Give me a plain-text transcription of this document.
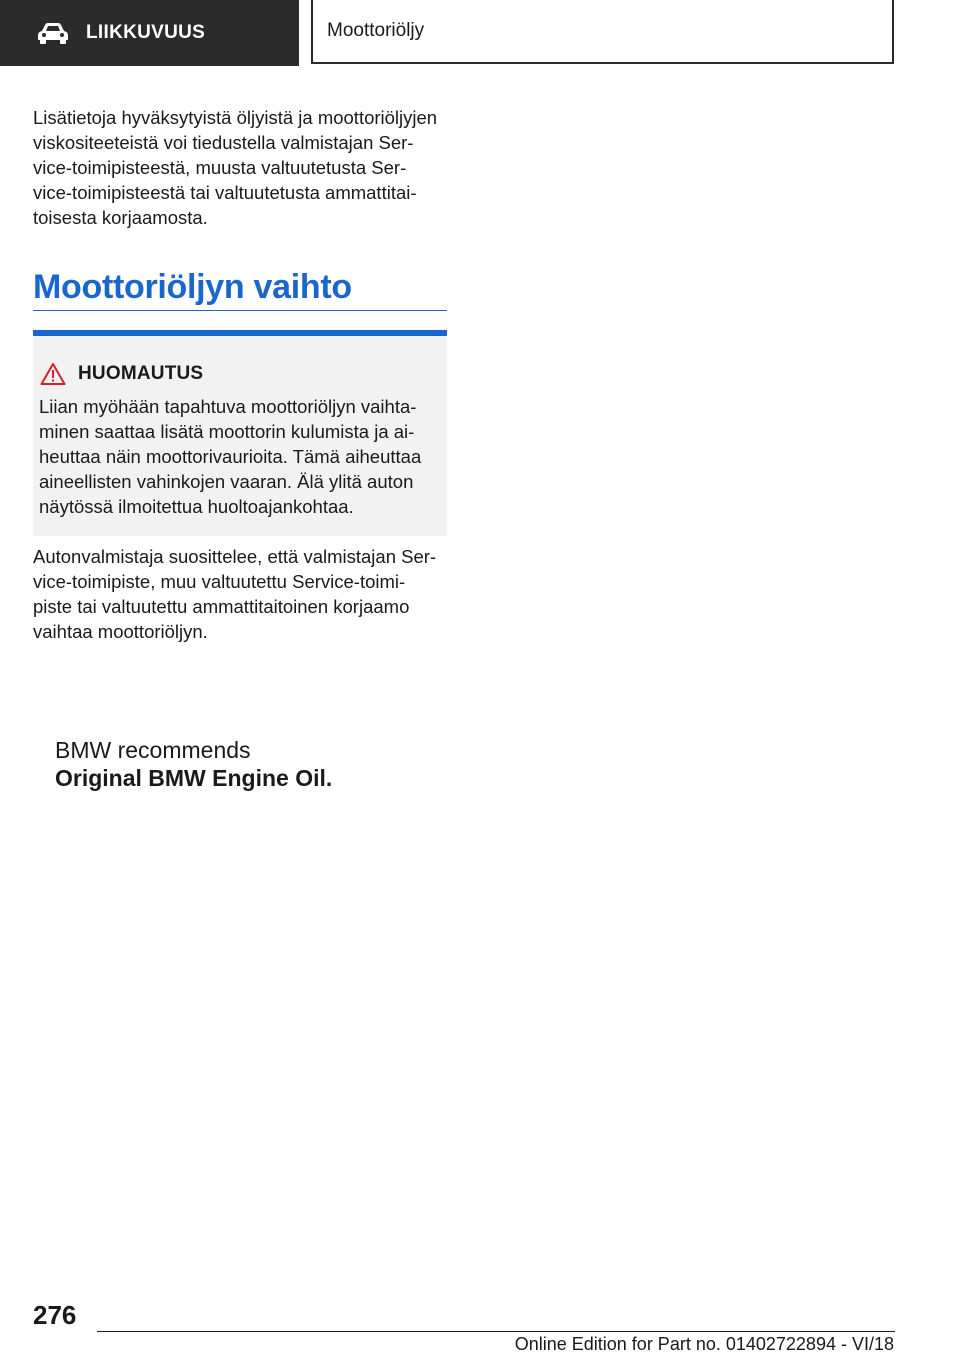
LIIKKUVUUS	Moottoriöljy

Lisätietoja hyväksytyistä öljyistä ja moottoriöljyjen
viskositeeteistä voi tiedustella valmistajan Ser‐
vice-toimipisteestä, muusta valtuutetusta Ser‐
vice-toimipisteestä tai valtuutetusta ammattitai‐
toisesta korjaamosta.

Moottoriöljyn vaihto
HUOMAUTUS

Liian myöhään tapahtuva moottoriöljyn vaihta‐
minen saattaa lisätä moottorin kulumista ja ai‐
heuttaa näin moottorivaurioita. Tämä aiheuttaa
aineellisten vahinkojen vaaran. Älä ylitä auton
näytössä ilmoitettua huoltoajankohtaa.

Autonvalmistaja suosittelee, että valmistajan Ser‐
vice-toimipiste, muu valtuutettu Service-toimi‐
piste tai valtuutettu ammattitaitoinen korjaamo
vaihtaa moottoriöljyn.

BMW recommends
Original BMW Engine Oil.
276
Online Edition for Part no. 01402722894 - VI/18
